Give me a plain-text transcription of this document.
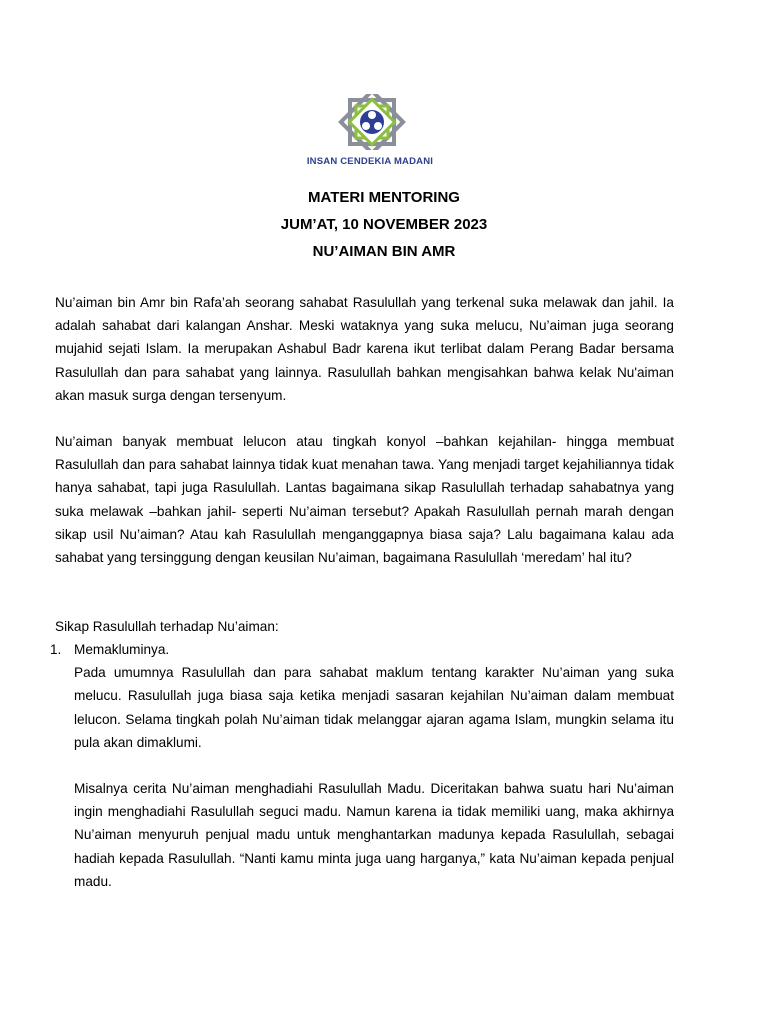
INSAN CENDEKIA MADANI
MATERI MENTORING
JUM’AT, 10 NOVEMBER 2023
NU’AIMAN BIN AMR
Nu’aiman bin Amr bin Rafa’ah seorang sahabat Rasulullah yang terkenal suka melawak dan jahil. Ia adalah sahabat dari kalangan Anshar. Meski wataknya yang suka melucu, Nu’aiman juga seorang mujahid sejati Islam. Ia merupakan Ashabul Badr karena ikut terlibat dalam Perang Badar bersama Rasulullah dan para sahabat yang lainnya. Rasulullah bahkan mengisahkan bahwa kelak Nu'aiman akan masuk surga dengan tersenyum.
Nu’aiman banyak membuat lelucon atau tingkah konyol –bahkan kejahilan- hingga membuat Rasulullah dan para sahabat lainnya tidak kuat menahan tawa. Yang menjadi target kejahiliannya tidak hanya sahabat, tapi juga Rasulullah. Lantas bagaimana sikap Rasulullah terhadap sahabatnya yang suka melawak –bahkan jahil- seperti Nu’aiman tersebut? Apakah Rasulullah pernah marah dengan sikap usil Nu’aiman? Atau kah Rasulullah menganggapnya biasa saja? Lalu bagaimana kalau ada sahabat yang tersinggung dengan keusilan Nu’aiman, bagaimana Rasulullah ‘meredam’ hal itu?
Sikap Rasulullah terhadap Nu’aiman:
1. Memakluminya.
Pada umumnya Rasulullah dan para sahabat maklum tentang karakter Nu’aiman yang suka melucu. Rasulullah juga biasa saja ketika menjadi sasaran kejahilan Nu’aiman dalam membuat lelucon. Selama tingkah polah Nu’aiman tidak melanggar ajaran agama Islam, mungkin selama itu pula akan dimaklumi.
Misalnya cerita Nu’aiman menghadiahi Rasulullah Madu. Diceritakan bahwa suatu hari Nu’aiman ingin menghadiahi Rasulullah seguci madu. Namun karena ia tidak memiliki uang, maka akhirnya Nu’aiman menyuruh penjual madu untuk menghantarkan madunya kepada Rasulullah, sebagai hadiah kepada Rasulullah. “Nanti kamu minta juga uang harganya,” kata Nu’aiman kepada penjual madu.
